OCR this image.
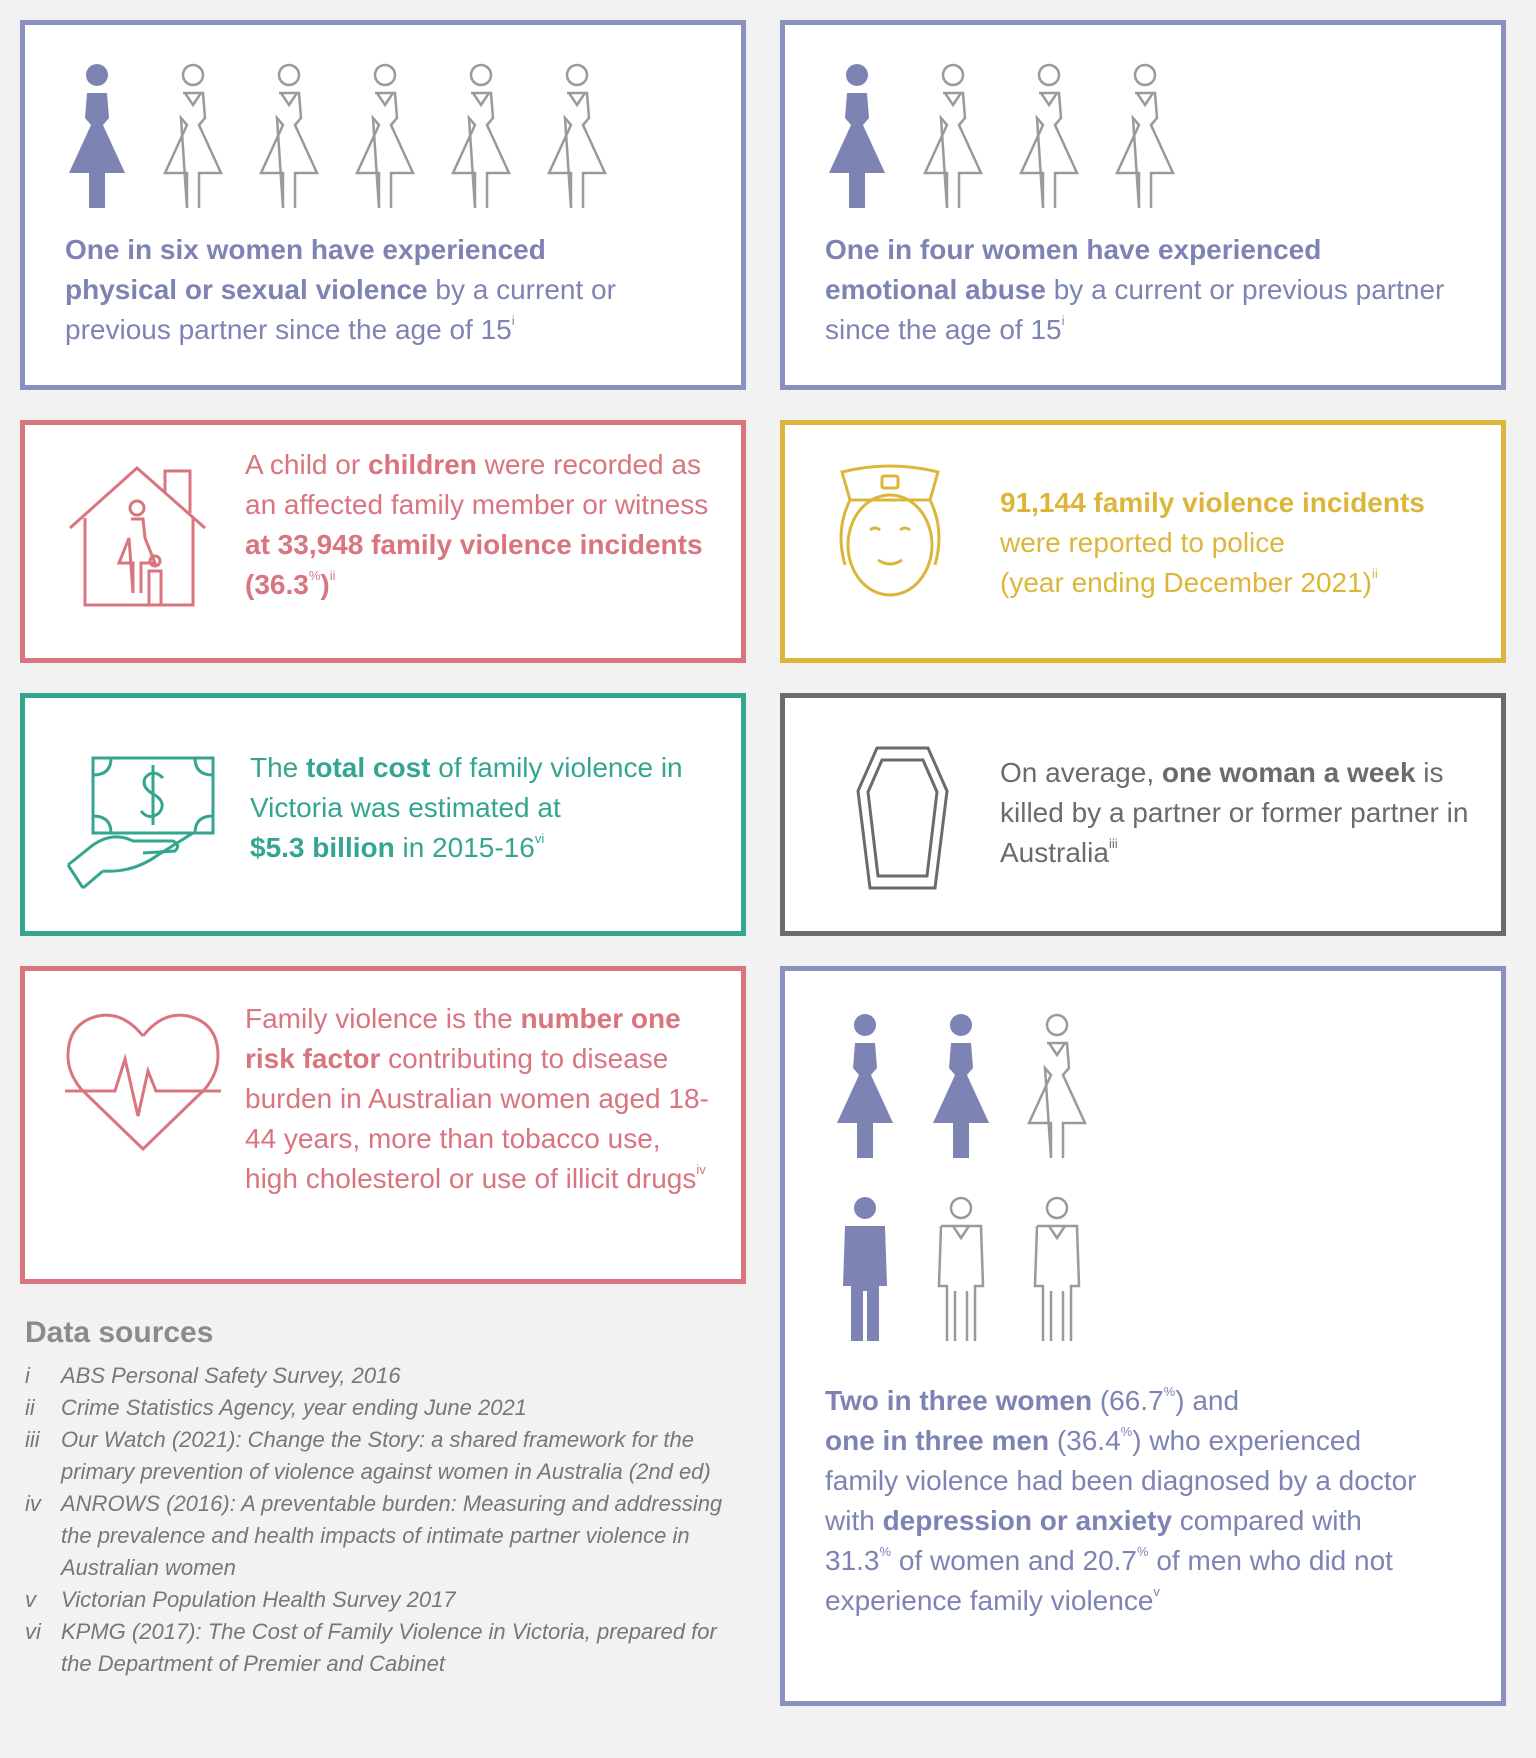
One in six women have experienced
physical or sexual violence by a current or previous partner since the age of 15$^i$

One in four women have experienced
emotional abuse by a current or previous partner since the age of 15$^i$

A child or children were recorded as an affected family member or witness
at 33,948 family violence incidents $(36.3^{\%})^{ii}$

91,144 family violence incidents
were reported to police
(year ending December 2021)$^{ii}$

The total cost of family violence in Victoria was estimated at
$5.3 billion in 2015-16$^{vi}$

On average, one woman a week is killed by a partner or former partner in Australia$^{iii}$

Family violence is the number one risk factor contributing to disease burden in Australian women aged 18-44 years, more than tobacco use, high cholesterol or use of illicit drugs$^{iv}$

Two in three women (66.7%) and
one in three men (36.4%) who experienced family violence had been diagnosed by a doctor with depression or anxiety compared with 31.3% of women and 20.7% of men who did not experience family violence$^v$

Data sources
i ABS Personal Safety Survey, 2016
ii Crime Statistics Agency, year ending June 2021
iii Our Watch (2021): Change the Story: a shared framework for the primary prevention of violence against women in Australia (2nd ed)
iv ANROWS (2016): A preventable burden: Measuring and addressing the prevalence and health impacts of intimate partner violence in Australian women
v Victorian Population Health Survey 2017
vi KPMG (2017): The Cost of Family Violence in Victoria, prepared for the Department of Premier and Cabinet
